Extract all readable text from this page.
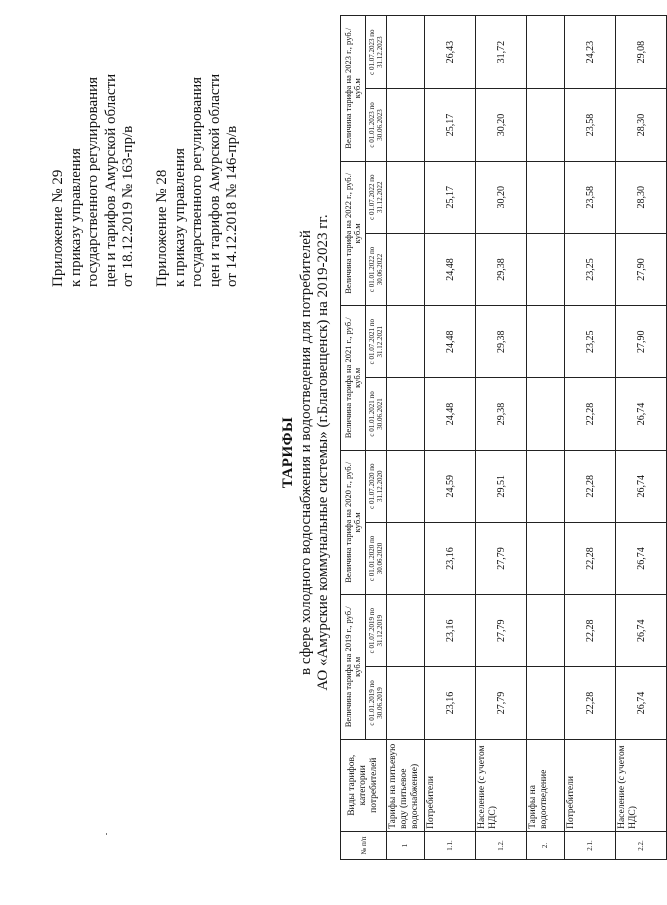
Приложение № 29 к приказу управления государственного регулирования цен и тарифов Амурской области от 18.12.2019 № 163-пр/в Приложение № 28 к приказу управления государственного регулирования цен и тарифов Амурской области от 14.12.2018 № 146-пр/в
ТАРИФЫ в сфере холодного водоснабжения и водоотведения для потребителей АО «Амурские коммунальные системы» (г.Благовещенск) на 2019-2023 гг.
№ п/п	Виды тарифов, категории потребителей	Величина тарифа на 2019 г., руб./куб.м		Величина тарифа на 2020 г., руб./куб.м		Величина тарифа на 2021 г., руб./куб.м		Величина тарифа на 2022 г., руб./куб.м		Величина тарифа на 2023 г., руб./куб.м	
		с 01.01.2019 по 30.06.2019	с 01.07.2019 по 31.12.2019	с 01.01.2020 по 30.06.2020	с 01.07.2020 по 31.12.2020	с 01.01.2021 по 30.06.2021	с 01.07.2021 по 31.12.2021	с 01.01.2022 по 30.06.2022	с 01.07.2022 по 31.12.2022	с 01.01.2023 по 30.06.2023	с 01.07.2023 по 31.12.2023
1	Тарифы на питьевую воду (питьевое водоснабжение)										
1.1.	Потребители	23,16	23,16	23,16	24,59	24,48	24,48	24,48	25,17	25,17	26,43
1.2.	Население (с учетом НДС)	27,79	27,79	27,79	29,51	29,38	29,38	29,38	30,20	30,20	31,72
2.	Тарифы на водоотведение										
2.1.	Потребители	22,28	22,28	22,28	22,28	22,28	23,25	23,25	23,58	23,58	24,23
2.2.	Население (с учетом НДС)	26,74	26,74	26,74	26,74	26,74	27,90	27,90	28,30	28,30	29,08
